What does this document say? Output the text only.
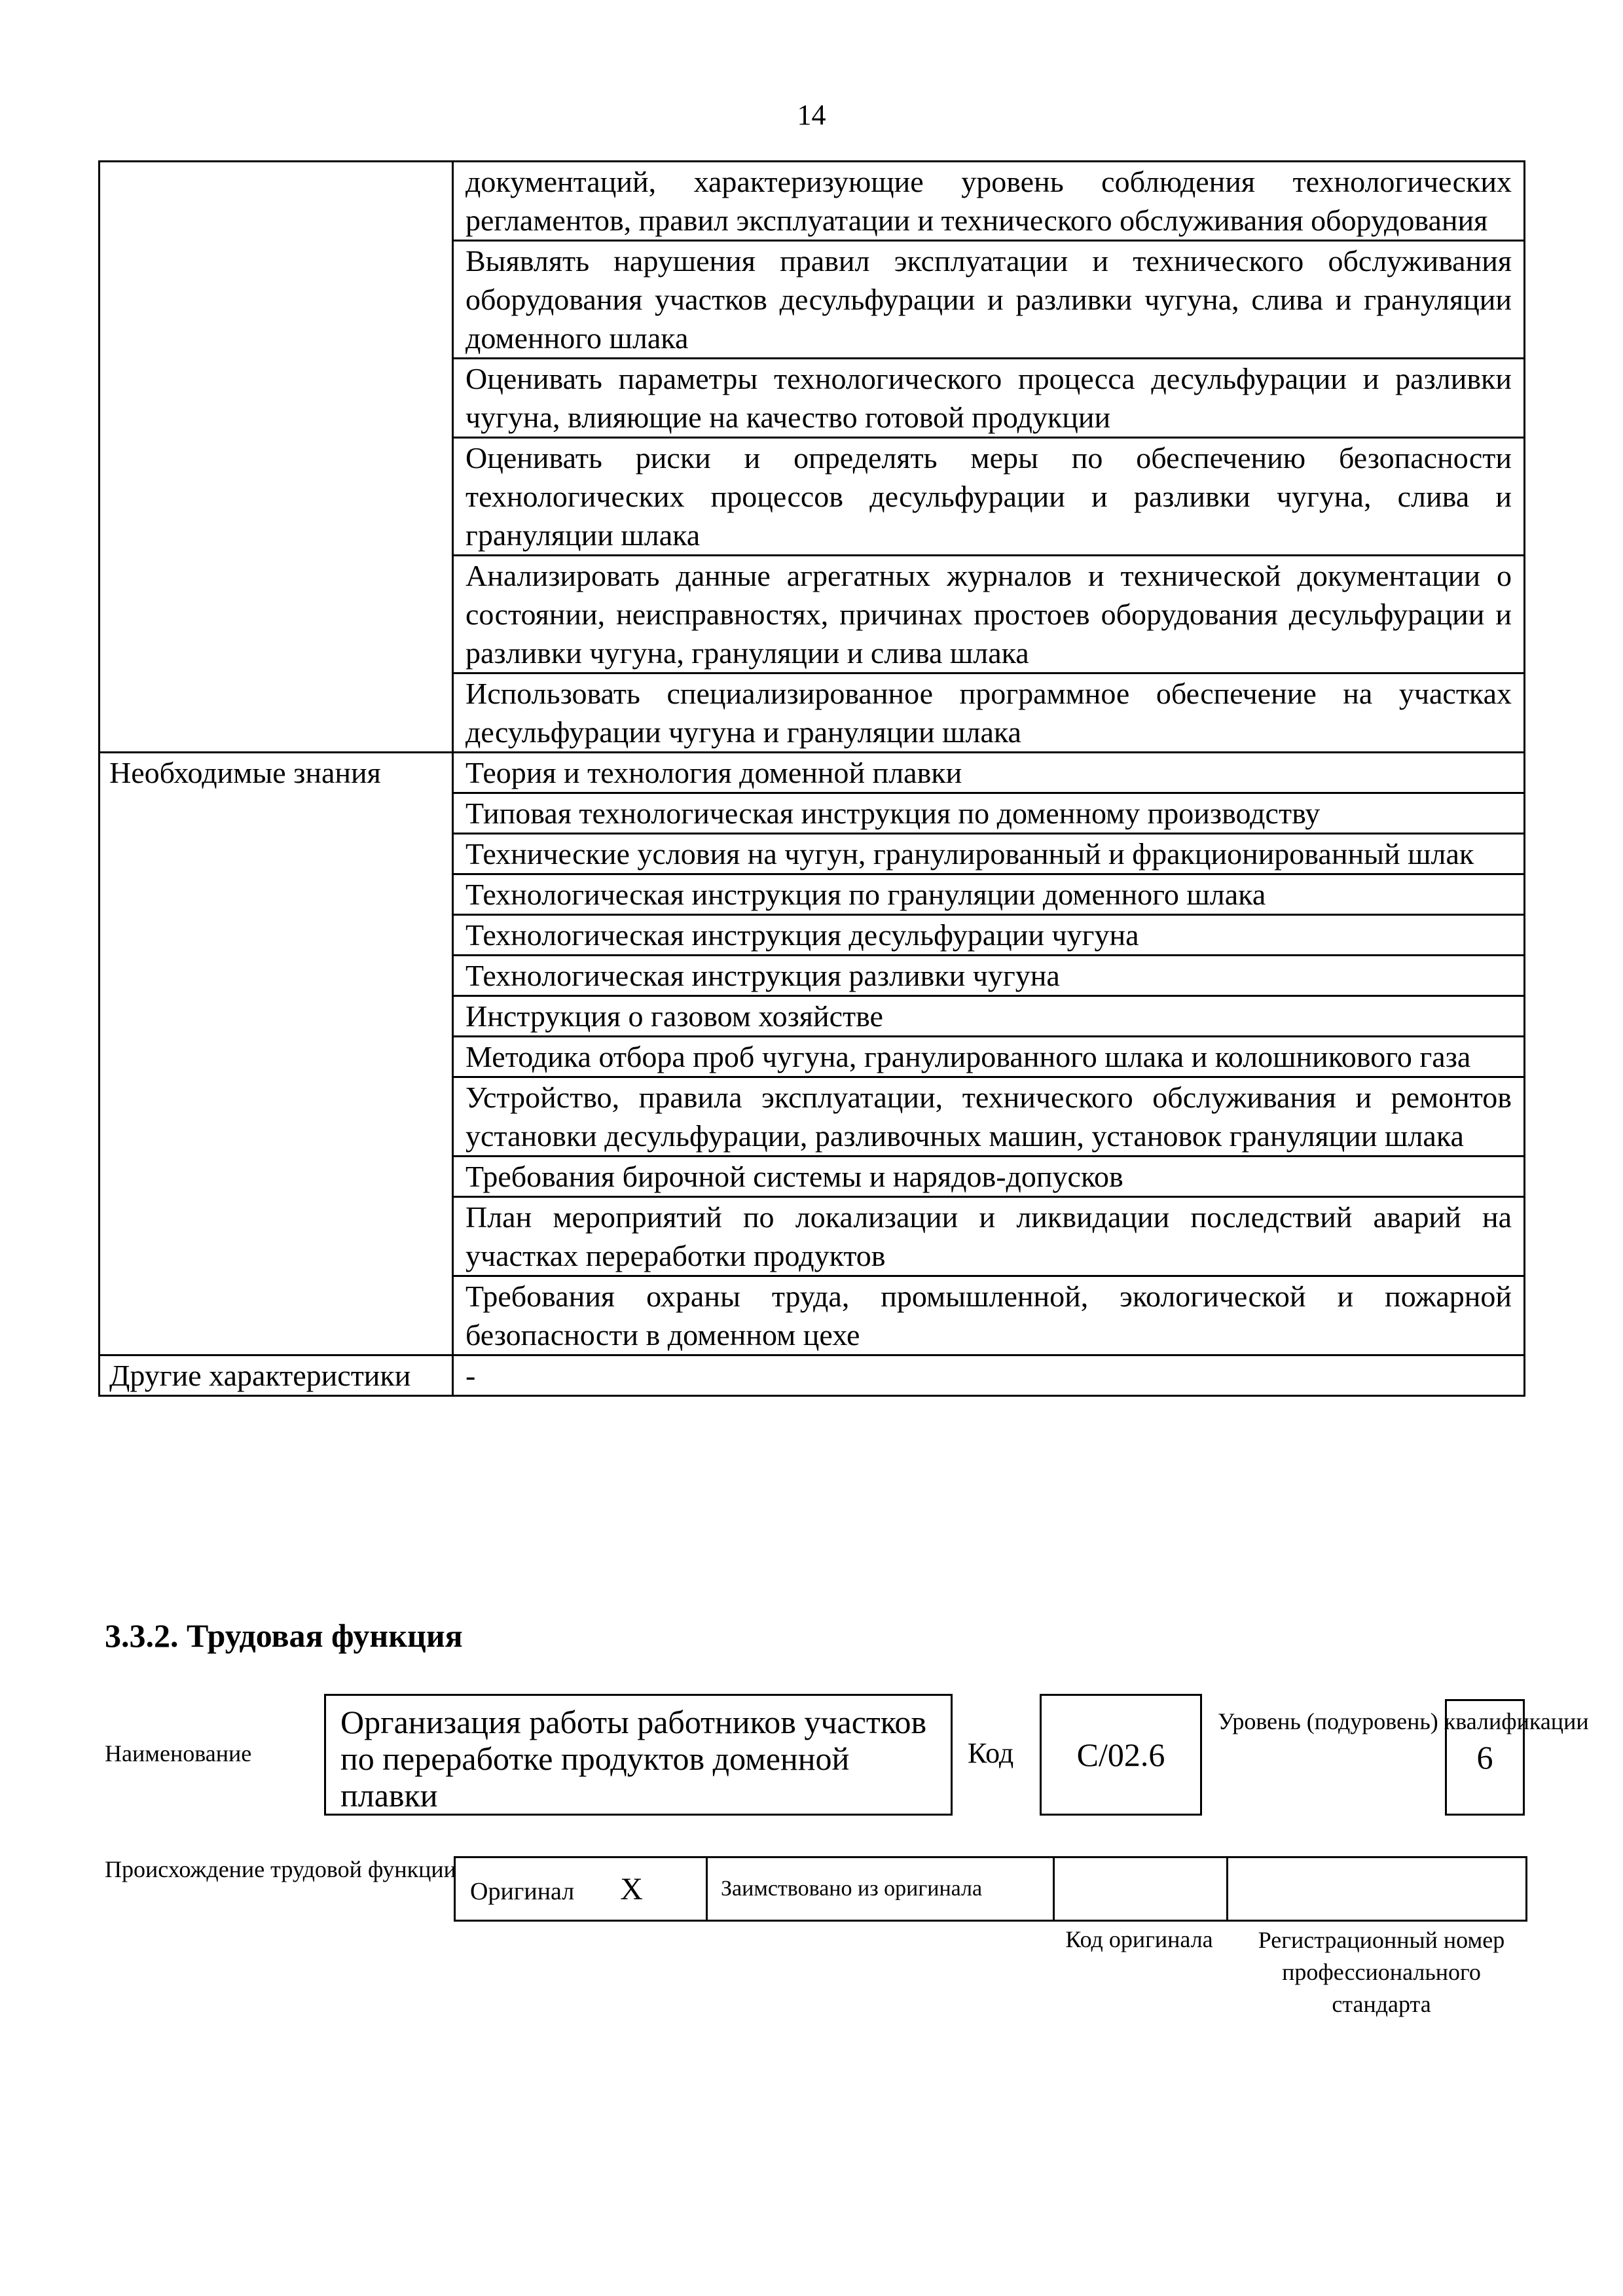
14
	документаций, характеризующие уровень соблюдения технологических регламентов, правил эксплуатации и технического обслуживания оборудования
	Выявлять нарушения правил эксплуатации и технического обслуживания оборудования участков десульфурации и разливки чугуна, слива и грануляции доменного шлака
	Оценивать параметры технологического процесса десульфурации и разливки чугуна, влияющие на качество готовой продукции
	Оценивать риски и определять меры по обеспечению безопасности технологических процессов десульфурации и разливки чугуна, слива и грануляции шлака
	Анализировать данные агрегатных журналов и технической документации о состоянии, неисправностях, причинах простоев оборудования десульфурации и разливки чугуна, грануляции и слива шлака
	Использовать специализированное программное обеспечение на участках десульфурации чугуна и грануляции шлака
Необходимые знания	Теория и технология доменной плавки
	Типовая технологическая инструкция по доменному производству
	Технические условия на чугун, гранулированный и фракционированный шлак
	Технологическая инструкция по грануляции доменного шлака
	Технологическая инструкция десульфурации чугуна
	Технологическая инструкция разливки чугуна
	Инструкция о газовом хозяйстве
	Методика отбора проб чугуна, гранулированного шлака и колошникового газа
	Устройство, правила эксплуатации, технического обслуживания и ремонтов установки десульфурации, разливочных машин, установок грануляции шлака
	Требования бирочной системы и нарядов-допусков
	План мероприятий по локализации и ликвидации последствий аварий на участках переработки продуктов
	Требования охраны труда, промышленной, экологической и пожарной безопасности в доменном цехе
Другие характеристики	-
3.3.2. Трудовая функция
Наименование
Организация работы работников участков по переработке продуктов доменной плавки
Код	C/02.6
Уровень (подуровень) квалификации
6
Происхождение трудовой функции
Оригинал X	Заимствовано из оригинала		
Код оригинала	Регистрационный номер профессионального стандарта
